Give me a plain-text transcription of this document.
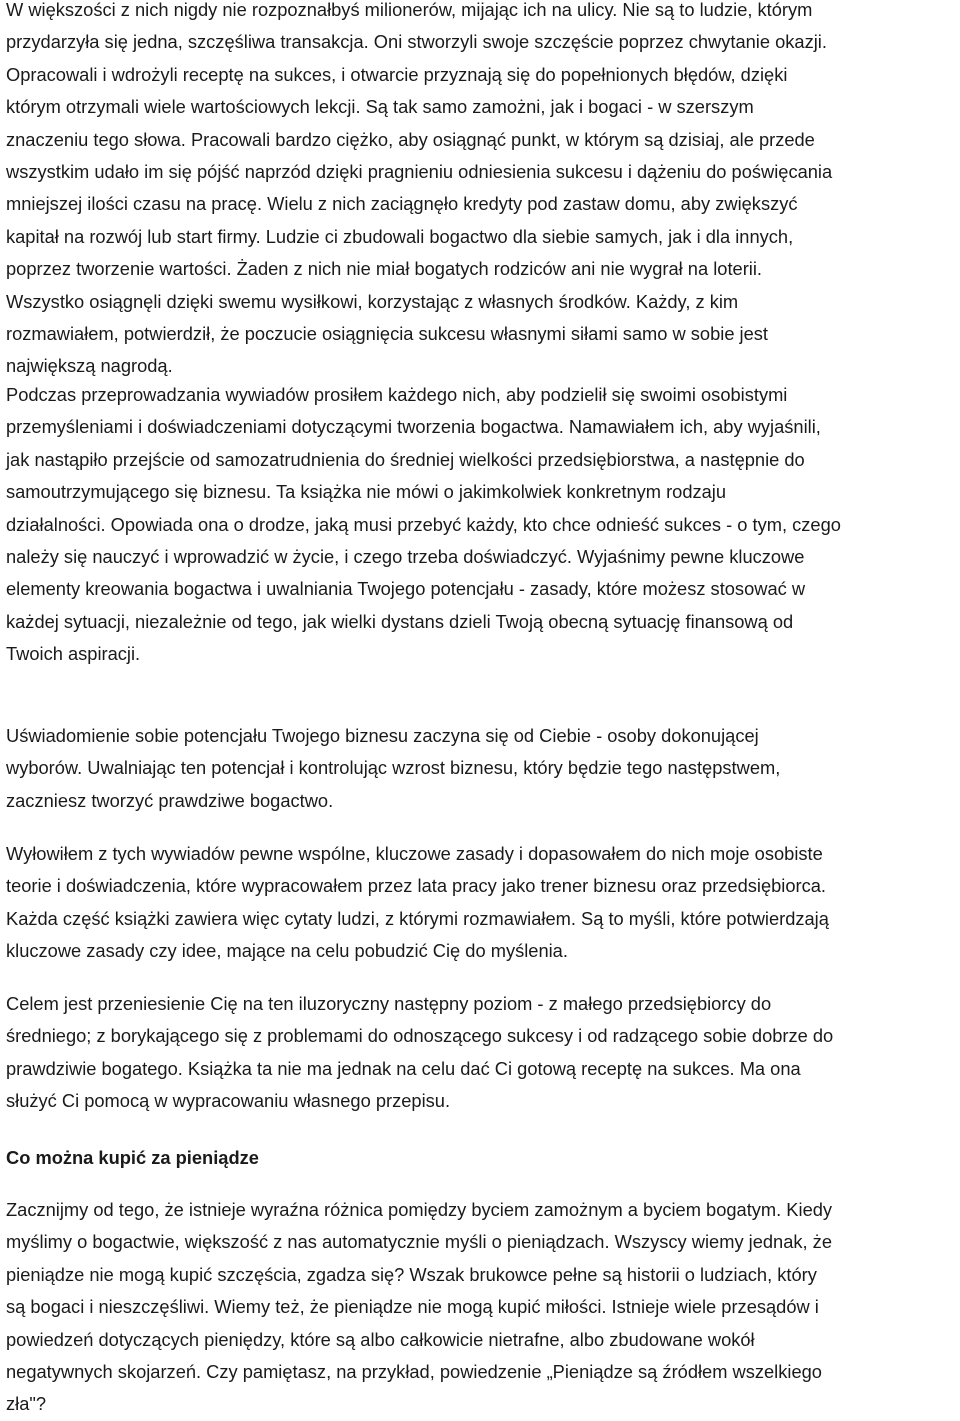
W większości z nich nigdy nie rozpoznałbyś milionerów, mijając ich na ulicy. Nie są to ludzie, którym
przydarzyła się jedna, szczęśliwa transakcja. Oni stworzyli swoje szczęście poprzez chwytanie okazji.
Opracowali i wdrożyli receptę na sukces, i otwarcie przyznają się do popełnionych błędów, dzięki
którym otrzymali wiele wartościowych lekcji. Są tak samo zamożni, jak i bogaci - w szerszym
znaczeniu tego słowa. Pracowali bardzo ciężko, aby osiągnąć punkt, w którym są dzisiaj, ale przede
wszystkim udało im się pójść naprzód dzięki pragnieniu odniesienia sukcesu i dążeniu do poświęcania
mniejszej ilości czasu na pracę. Wielu z nich zaciągnęło kredyty pod zastaw domu, aby zwiększyć
kapitał na rozwój lub start firmy. Ludzie ci zbudowali bogactwo dla siebie samych, jak i dla innych,
poprzez tworzenie wartości. Żaden z nich nie miał bogatych rodziców ani nie wygrał na loterii.
Wszystko osiągnęli dzięki swemu wysiłkowi, korzystając z własnych środków. Każdy, z kim
rozmawiałem, potwierdził, że poczucie osiągnięcia sukcesu własnymi siłami samo w sobie jest
największą nagrodą.

Podczas przeprowadzania wywiadów prosiłem każdego nich, aby podzielił się swoimi osobistymi
przemyśleniami i doświadczeniami dotyczącymi tworzenia bogactwa. Namawiałem ich, aby wyjaśnili,
jak nastąpiło przejście od samozatrudnienia do średniej wielkości przedsiębiorstwa, a następnie do
samoutrzymującego się biznesu. Ta książka nie mówi o jakimkolwiek konkretnym rodzaju
działalności. Opowiada ona o drodze, jaką musi przebyć każdy, kto chce odnieść sukces - o tym, czego
należy się nauczyć i wprowadzić w życie, i czego trzeba doświadczyć. Wyjaśnimy pewne kluczowe
elementy kreowania bogactwa i uwalniania Twojego potencjału - zasady, które możesz stosować w
każdej sytuacji, niezależnie od tego, jak wielki dystans dzieli Twoją obecną sytuację finansową od
Twoich aspiracji.

Uświadomienie sobie potencjału Twojego biznesu zaczyna się od Ciebie - osoby dokonującej
wyborów. Uwalniając ten potencjał i kontrolując wzrost biznesu, który będzie tego następstwem,
zaczniesz tworzyć prawdziwe bogactwo.

Wyłowiłem z tych wywiadów pewne wspólne, kluczowe zasady i dopasowałem do nich moje osobiste
teorie i doświadczenia, które wypracowałem przez lata pracy jako trener biznesu oraz przedsiębiorca.
Każda część książki zawiera więc cytaty ludzi, z którymi rozmawiałem. Są to myśli, które potwierdzają
kluczowe zasady czy idee, mające na celu pobudzić Cię do myślenia.

Celem jest przeniesienie Cię na ten iluzoryczny następny poziom - z małego przedsiębiorcy do
średniego; z borykającego się z problemami do odnoszącego sukcesy i od radzącego sobie dobrze do
prawdziwie bogatego. Książka ta nie ma jednak na celu dać Ci gotową receptę na sukces. Ma ona
służyć Ci pomocą w wypracowaniu własnego przepisu.

Co można kupić za pieniądze

Zacznijmy od tego, że istnieje wyraźna różnica pomiędzy byciem zamożnym a byciem bogatym. Kiedy
myślimy o bogactwie, większość z nas automatycznie myśli o pieniądzach. Wszyscy wiemy jednak, że
pieniądze nie mogą kupić szczęścia, zgadza się? Wszak brukowce pełne są historii o ludziach, który
są bogaci i nieszczęśliwi. Wiemy też, że pieniądze nie mogą kupić miłości. Istnieje wiele przesądów i
powiedzeń dotyczących pieniędzy, które są albo całkowicie nietrafne, albo zbudowane wokół
negatywnych skojarzeń. Czy pamiętasz, na przykład, powiedzenie „Pieniądze są źródłem wszelkiego
zła"?
